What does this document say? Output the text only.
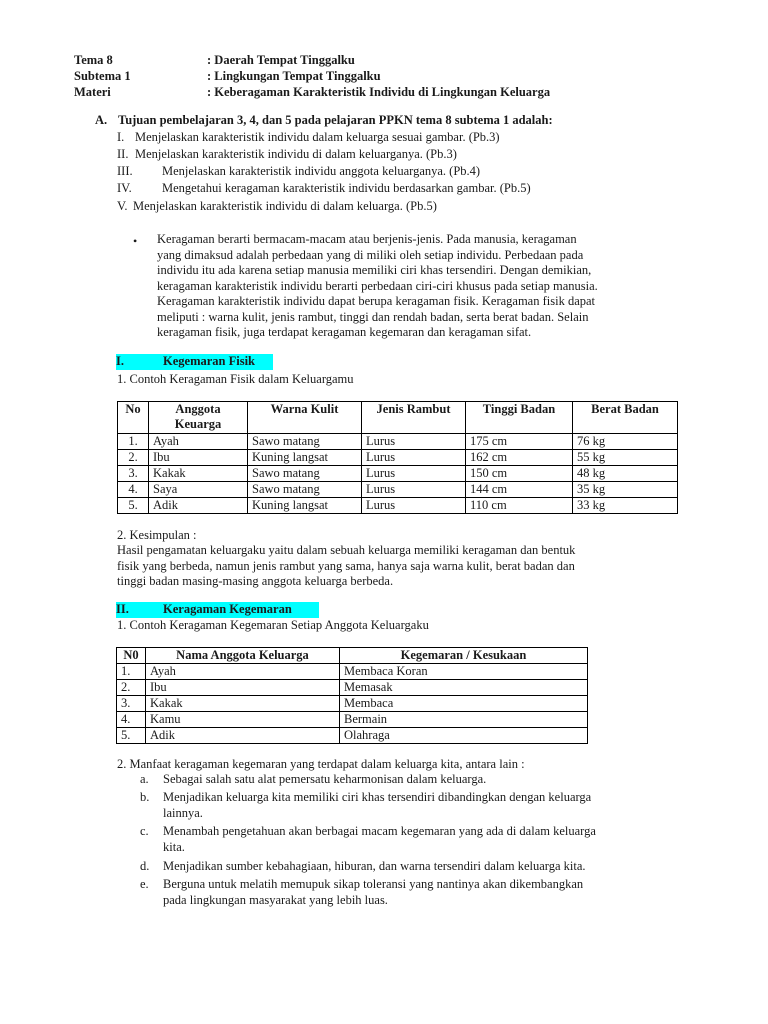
Tema 8	: Daerah Tempat Tinggalku
Subtema 1	: Lingkungan Tempat Tinggalku
Materi	: Keberagaman Karakteristik Individu di Lingkungan Keluarga
A. Tujuan pembelajaran 3, 4, dan 5 pada pelajaran PPKN tema 8 subtema 1 adalah:
I. Menjelaskan karakteristik individu dalam keluarga sesuai gambar. (Pb.3)
II. Menjelaskan karakteristik individu di dalam keluarganya. (Pb.3)
III. Menjelaskan karakteristik individu anggota keluarganya. (Pb.4)
IV. Mengetahui keragaman karakteristik individu berdasarkan gambar. (Pb.5)
V. Menjelaskan karakteristik individu di dalam keluarga. (Pb.5)
• Keragaman berarti bermacam-macam atau berjenis-jenis. Pada manusia, keragaman
yang dimaksud adalah perbedaan yang di miliki oleh setiap individu. Perbedaan pada
individu itu ada karena setiap manusia memiliki ciri khas tersendiri. Dengan demikian,
keragaman karakteristik individu berarti perbedaan ciri-ciri khusus pada setiap manusia.
Keragaman karakteristik individu dapat berupa keragaman fisik. Keragaman fisik dapat
meliputi : warna kulit, jenis rambut, tinggi dan rendah badan, serta berat badan. Selain
keragaman fisik, juga terdapat keragaman kegemaran dan keragaman sifat.
I.	Kegemaran Fisik
1. Contoh Keragaman Fisik dalam Keluargamu
No	Anggota Keuarga	Warna Kulit	Jenis Rambut	Tinggi Badan	Berat Badan
1.	Ayah	Sawo matang	Lurus	175 cm	76 kg
2.	Ibu	Kuning langsat	Lurus	162 cm	55 kg
3.	Kakak	Sawo matang	Lurus	150 cm	48 kg
4.	Saya	Sawo matang	Lurus	144 cm	35 kg
5.	Adik	Kuning langsat	Lurus	110 cm	33 kg
2. Kesimpulan :
Hasil pengamatan keluargaku yaitu dalam sebuah keluarga memiliki keragaman dan bentuk
fisik yang berbeda, namun jenis rambut yang sama, hanya saja warna kulit, berat badan dan
tinggi badan masing-masing anggota keluarga berbeda.
II.	Keragaman Kegemaran
1. Contoh Keragaman Kegemaran Setiap Anggota Keluargaku
N0	Nama Anggota Keluarga	Kegemaran / Kesukaan
1.	Ayah	Membaca Koran
2.	Ibu	Memasak
3.	Kakak	Membaca
4.	Kamu	Bermain
5.	Adik	Olahraga
2. Manfaat keragaman kegemaran yang terdapat dalam keluarga kita, antara lain :
a. Sebagai salah satu alat pemersatu keharmonisan dalam keluarga.
b. Menjadikan keluarga kita memiliki ciri khas tersendiri dibandingkan dengan keluarga
lainnya.
c. Menambah pengetahuan akan berbagai macam kegemaran yang ada di dalam keluarga
kita.
d. Menjadikan sumber kebahagiaan, hiburan, dan warna tersendiri dalam keluarga kita.
e. Berguna untuk melatih memupuk sikap toleransi yang nantinya akan dikembangkan
pada lingkungan masyarakat yang lebih luas.
